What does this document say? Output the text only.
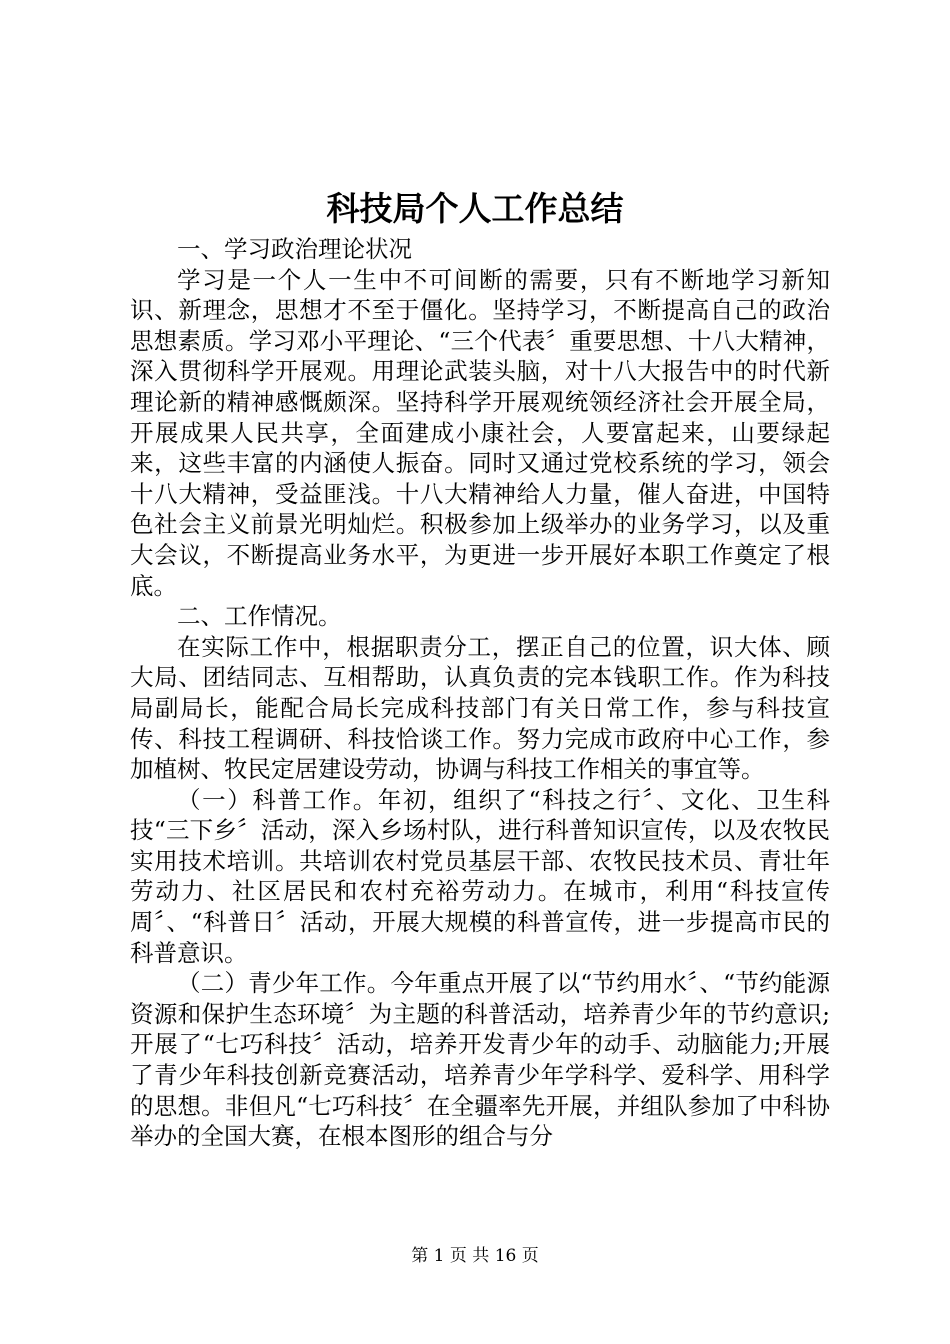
科技局个人工作总结

一、学习政治理论状况

学习是一个人一生中不可间断的需要，只有不断地学习新知识、新理念，思想才不至于僵化。坚持学习，不断提高自己的政治思想素质。学习邓小平理论、“三个代表〞重要思想、十八大精神，深入贯彻科学开展观。用理论武装头脑，对十八大报告中的时代新理论新的精神感慨颇深。坚持科学开展观统领经济社会开展全局，开展成果人民共享，全面建成小康社会，人要富起来，山要绿起来，这些丰富的内涵使人振奋。同时又通过党校系统的学习，领会十八大精神，受益匪浅。十八大精神给人力量，催人奋进，中国特色社会主义前景光明灿烂。积极参加上级举办的业务学习，以及重大会议，不断提高业务水平，为更进一步开展好本职工作奠定了根底。

二、工作情况。

在实际工作中，根据职责分工，摆正自己的位置，识大体、顾大局、团结同志、互相帮助，认真负责的完本钱职工作。作为科技局副局长，能配合局长完成科技部门有关日常工作，参与科技宣传、科技工程调研、科技恰谈工作。努力完成市政府中心工作，参加植树、牧民定居建设劳动，协调与科技工作相关的事宜等。

（一）科普工作。年初，组织了“科技之行〞、文化、卫生科技“三下乡〞活动，深入乡场村队，进行科普知识宣传，以及农牧民实用技术培训。共培训农村党员基层干部、农牧民技术员、青壮年劳动力、社区居民和农村充裕劳动力。在城市，利用“科技宣传周〞、“科普日〞活动，开展大规模的科普宣传，进一步提高市民的科普意识。

（二）青少年工作。今年重点开展了以“节约用水〞、“节约能源资源和保护生态环境〞为主题的科普活动，培养青少年的节约意识;开展了“七巧科技〞活动，培养开发青少年的动手、动脑能力;开展了青少年科技创新竞赛活动，培养青少年学科学、爱科学、用科学的思想。非但凡“七巧科技〞在全疆率先开展，并组队参加了中科协举办的全国大赛，在根本图形的组合与分

第 1 页 共 16 页
